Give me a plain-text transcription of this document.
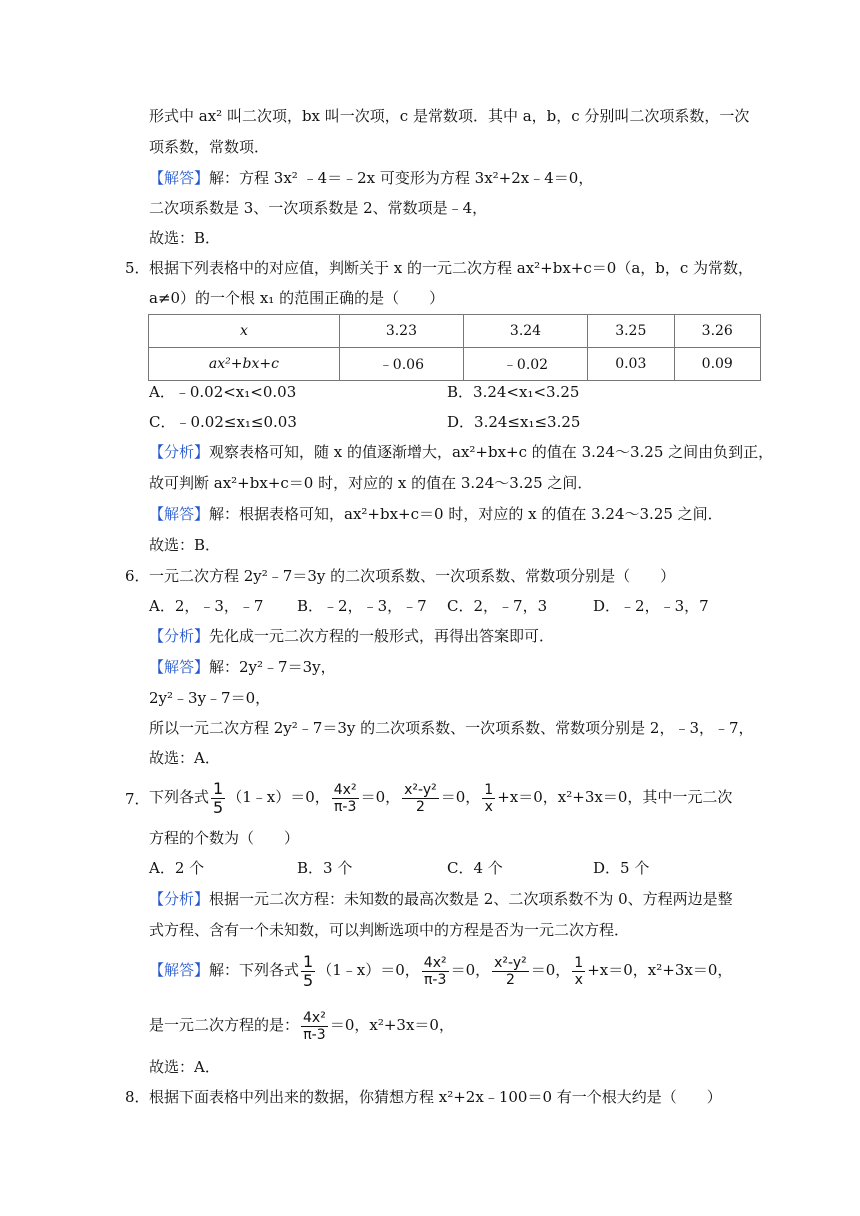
形式中 ax² 叫二次项，bx 叫一次项，c 是常数项．其中 a，b，c 分别叫二次项系数，一次
项系数，常数项．
【解答】解：方程 3x² ﹣4＝﹣2x 可变形为方程 3x²+2x﹣4＝0，
二次项系数是 3、一次项系数是 2、常数项是﹣4，
故选：B．
5． 根据下列表格中的对应值，判断关于 x 的一元二次方程 ax²+bx+c＝0（a，b，c 为常数，
a≠0）的一个根 x₁ 的范围正确的是（　　）
x	3.23	3.24	3.25	3.26
ax²+bx+c	﹣0.06	﹣0.02	0.03	0.09
A．﹣0.02<x₁<0.03	B．3.24<x₁<3.25
C．﹣0.02≤x₁≤0.03	D．3.24≤x₁≤3.25
【分析】观察表格可知，随 x 的值逐渐增大，ax²+bx+c 的值在 3.24～3.25 之间由负到正，
故可判断 ax²+bx+c＝0 时，对应的 x 的值在 3.24～3.25 之间．
【解答】解：根据表格可知，ax²+bx+c＝0 时，对应的 x 的值在 3.24～3.25 之间．
故选：B．
6． 一元二次方程 2y²﹣7＝3y 的二次项系数、一次项系数、常数项分别是（　　）
A．2，﹣3，﹣7 B．﹣2，﹣3，﹣7 C．2，﹣7，3	D．﹣2，﹣3，7
【分析】先化成一元二次方程的一般形式，再得出答案即可．
【解答】解：2y²﹣7＝3y，
2y²﹣3y﹣7＝0，
所以一元二次方程 2y²﹣7＝3y 的二次项系数、一次项系数、常数项分别是 2，﹣3，﹣7，
故选：A．
7． 下列各式 $\frac{1}{5}$ （1﹣x）＝0， $\frac{\text{4x²}}{\pi-3} =0$， $\frac{\text{x²-y²}}{2} =0$， $\frac{1}{x} +x=0$，x²+3x＝0，其中一元二次
方程的个数为（　　）
A．2 个	B．3 个	C．4 个	D．5 个
【分析】根据一元二次方程：未知数的最高次数是 2、二次项系数不为 0、方程两边是整
式方程、含有一个未知数，可以判断选项中的方程是否为一元二次方程．
【解答】解：下列各式 $\frac{1}{5}$ （1﹣x）＝0， $\frac{\text{4x²}}{\pi-3} =0$， $\frac{\text{x²-y²}}{2} =0$， $\frac{1}{x} +x=0$，x²+3x＝0，
是一元二次方程的是： $\frac{\text{4x²}}{\pi-3} =0$，x²+3x＝0，
故选：A．
8． 根据下面表格中列出来的数据，你猜想方程 x²+2x﹣100＝0 有一个根大约是（　　）
